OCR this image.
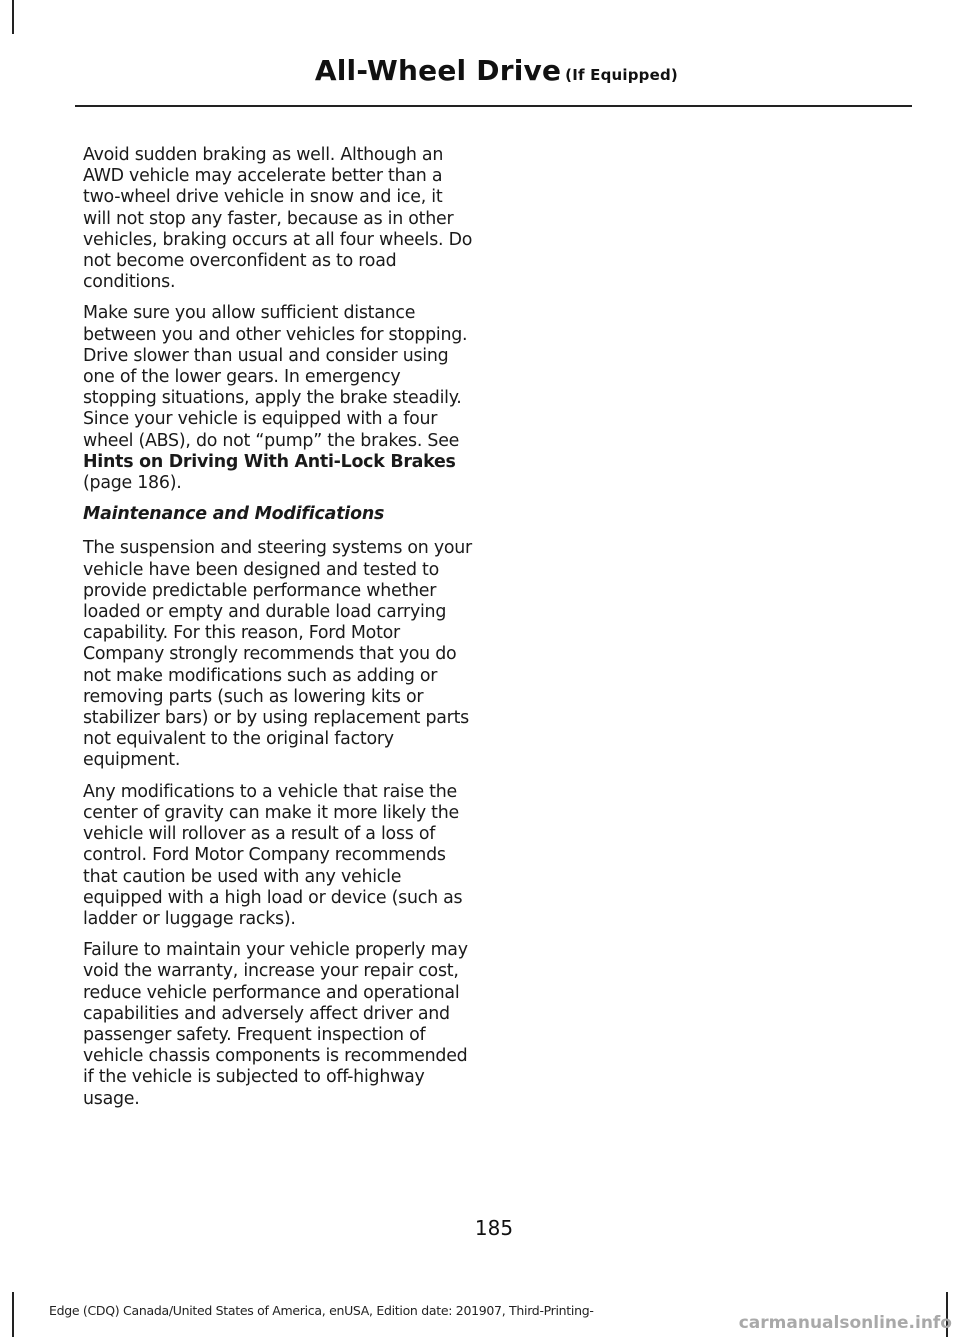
All-Wheel Drive (If Equipped)

Avoid sudden braking as well. Although an AWD vehicle may accelerate better than a two-wheel drive vehicle in snow and ice, it will not stop any faster, because as in other vehicles, braking occurs at all four wheels. Do not become overconfident as to road conditions.

Make sure you allow sufficient distance between you and other vehicles for stopping. Drive slower than usual and consider using one of the lower gears. In emergency stopping situations, apply the brake steadily. Since your vehicle is equipped with a four wheel (ABS), do not “pump” the brakes. See Hints on Driving With Anti-Lock Brakes (page 186).

Maintenance and Modifications

The suspension and steering systems on your vehicle have been designed and tested to provide predictable performance whether loaded or empty and durable load carrying capability. For this reason, Ford Motor Company strongly recommends that you do not make modifications such as adding or removing parts (such as lowering kits or stabilizer bars) or by using replacement parts not equivalent to the original factory equipment.

Any modifications to a vehicle that raise the center of gravity can make it more likely the vehicle will rollover as a result of a loss of control. Ford Motor Company recommends that caution be used with any vehicle equipped with a high load or device (such as ladder or luggage racks).

Failure to maintain your vehicle properly may void the warranty, increase your repair cost, reduce vehicle performance and operational capabilities and adversely affect driver and passenger safety. Frequent inspection of vehicle chassis components is recommended if the vehicle is subjected to off-highway usage.

185
Edge (CDQ) Canada/United States of America, enUSA, Edition date: 201907, Third-Printing-
carmanualsonline.info
